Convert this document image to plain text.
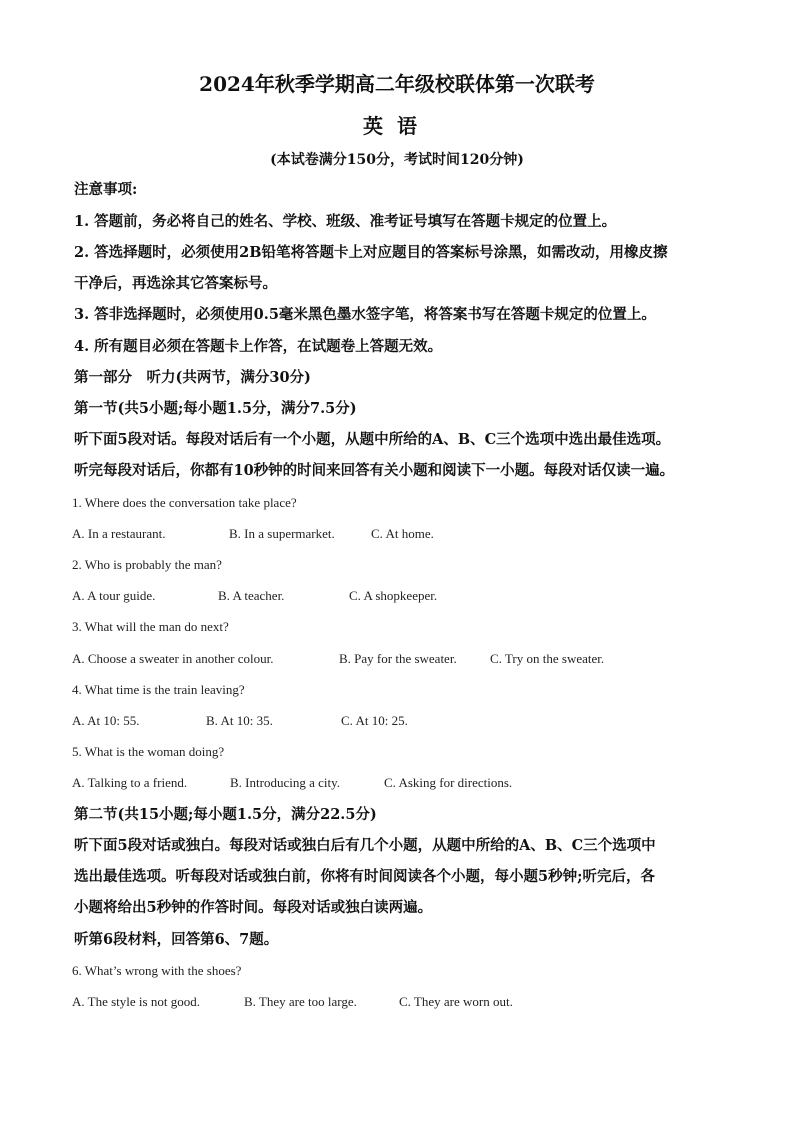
2024年秋季学期高二年级校联体第一次联考
英语
(本试卷满分150分，考试时间120分钟)
注意事项:
1. 答题前，务必将自己的姓名、学校、班级、准考证号填写在答题卡规定的位置上。
2. 答选择题时，必须使用2B铅笔将答题卡上对应题目的答案标号涂黑，如需改动，用橡皮擦
干净后，再选涂其它答案标号。
3. 答非选择题时，必须使用0.5毫米黑色墨水签字笔，将答案书写在答题卡规定的位置上。
4. 所有题目必须在答题卡上作答，在试题卷上答题无效。
第一部分　听力(共两节，满分30分)
第一节(共5小题;每小题1.5分，满分7.5分)
听下面5段对话。每段对话后有一个小题，从题中所给的A、B、C三个选项中选出最佳选项。
听完每段对话后，你都有10秒钟的时间来回答有关小题和阅读下一小题。每段对话仅读一遍。
1. Where does the conversation take place?
A. In a restaurant.	B. In a supermarket.	C. At home.
2. Who is probably the man?
A. A tour guide.	B. A teacher.	C. A shopkeeper.
3. What will the man do next?
A. Choose a sweater in another colour.	B. Pay for the sweater.	C. Try on the sweater.
4. What time is the train leaving?
A. At 10: 55.	B. At 10: 35.	C. At 10: 25.
5. What is the woman doing?
A. Talking to a friend.	B. Introducing a city.	C. Asking for directions.
第二节(共15小题;每小题1.5分，满分22.5分)
听下面5段对话或独白。每段对话或独白后有几个小题，从题中所给的A、B、C三个选项中
选出最佳选项。听每段对话或独白前，你将有时间阅读各个小题，每小题5秒钟;听完后，各
小题将给出5秒钟的作答时间。每段对话或独白读两遍。
听第6段材料，回答第6、7题。
6. What’s wrong with the shoes?
A. The style is not good.	B. They are too large.	C. They are worn out.
